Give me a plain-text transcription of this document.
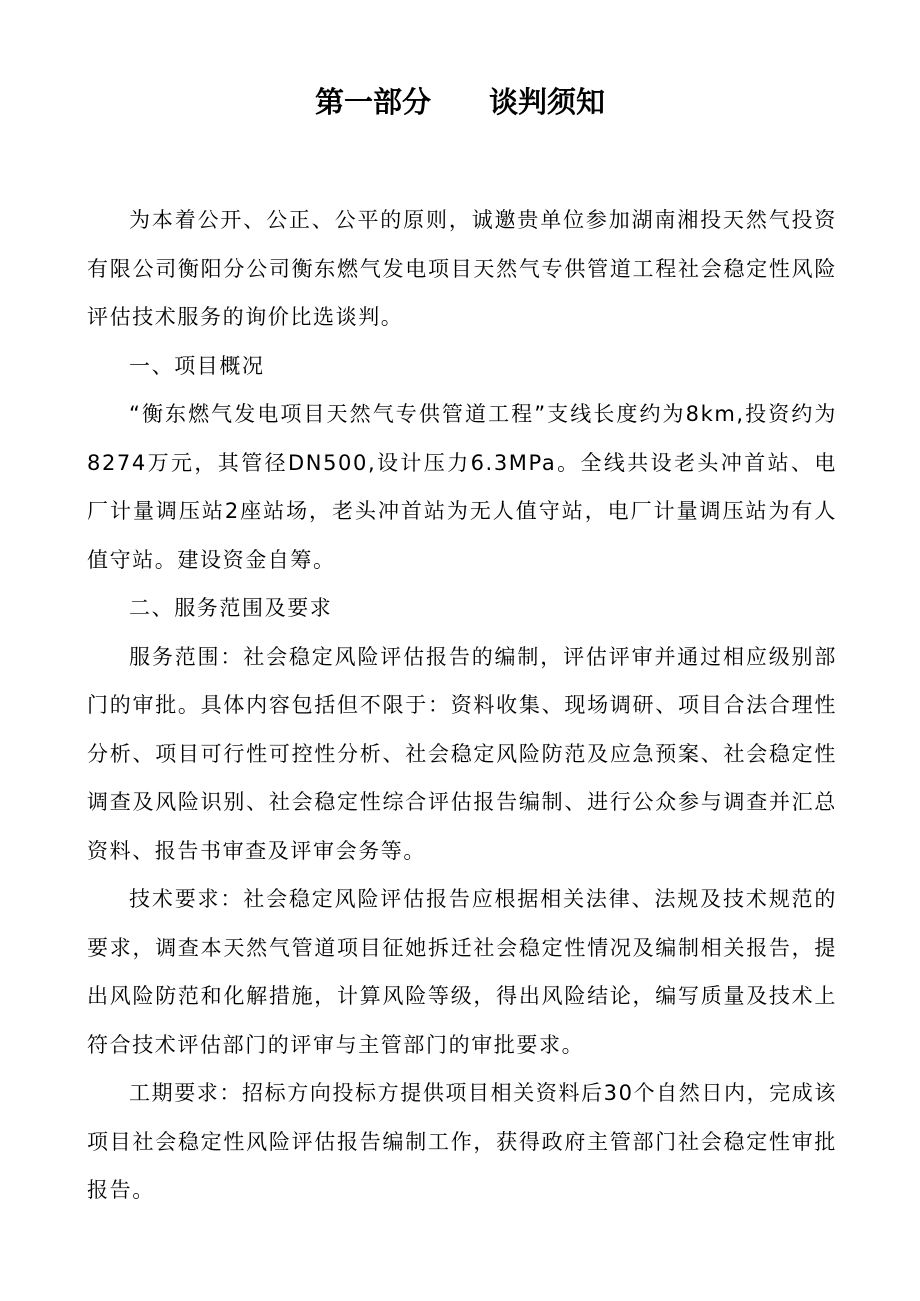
第一部分　　谈判须知

为本着公开、公正、公平的原则，诚邀贵单位参加湖南湘投天然气投资有限公司衡阳分公司衡东燃气发电项目天然气专供管道工程社会稳定性风险评估技术服务的询价比选谈判。

一、项目概况

“衡东燃气发电项目天然气专供管道工程”支线长度约为8km,投资约为8274万元，其管径DN500,设计压力6.3MPa。全线共设老头冲首站、电厂计量调压站2座站场，老头冲首站为无人值守站，电厂计量调压站为有人值守站。建设资金自筹。

二、服务范围及要求

服务范围：社会稳定风险评估报告的编制，评估评审并通过相应级别部门的审批。具体内容包括但不限于：资料收集、现场调研、项目合法合理性分析、项目可行性可控性分析、社会稳定风险防范及应急预案、社会稳定性调查及风险识别、社会稳定性综合评估报告编制、进行公众参与调查并汇总资料、报告书审查及评审会务等。

技术要求：社会稳定风险评估报告应根据相关法律、法规及技术规范的要求，调查本天然气管道项目征她拆迁社会稳定性情况及编制相关报告，提出风险防范和化解措施，计算风险等级，得出风险结论，编写质量及技术上符合技术评估部门的评审与主管部门的审批要求。

工期要求：招标方向投标方提供项目相关资料后30个自然日内，完成该项目社会稳定性风险评估报告编制工作，获得政府主管部门社会稳定性审批报告。
